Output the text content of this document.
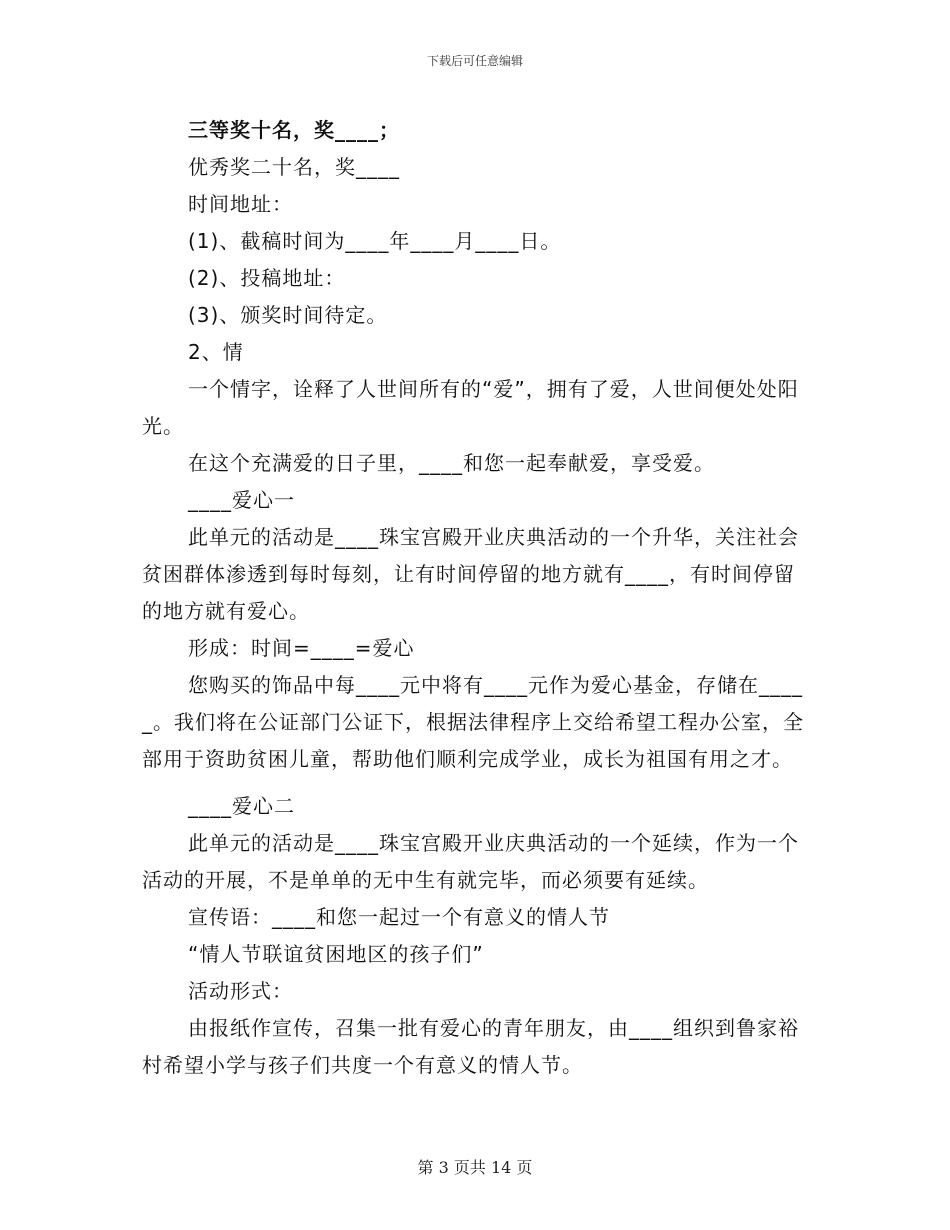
下载后可任意编辑

三等奖十名，奖____；

优秀奖二十名，奖____

时间地址：

(1)、截稿时间为____年____月____日。

(2)、投稿地址：

(3)、颁奖时间待定。

2、情

一个情字，诠释了人世间所有的“爱”，拥有了爱，人世间便处处阳光。

在这个充满爱的日子里，____和您一起奉献爱，享受爱。

____爱心一

此单元的活动是____珠宝宫殿开业庆典活动的一个升华，关注社会贫困群体渗透到每时每刻，让有时间停留的地方就有____，有时间停留的地方就有爱心。

形成：时间=____=爱心

您购买的饰品中每____元中将有____元作为爱心基金，存储在_____。我们将在公证部门公证下，根据法律程序上交给希望工程办公室，全部用于资助贫困儿童，帮助他们顺利完成学业，成长为祖国有用之才。

____爱心二

此单元的活动是____珠宝宫殿开业庆典活动的一个延续，作为一个活动的开展，不是单单的无中生有就完毕，而必须要有延续。

宣传语：____和您一起过一个有意义的情人节

“情人节联谊贫困地区的孩子们”

活动形式：

由报纸作宣传，召集一批有爱心的青年朋友，由____组织到鲁家裕村希望小学与孩子们共度一个有意义的情人节。

第 3 页共 14 页
